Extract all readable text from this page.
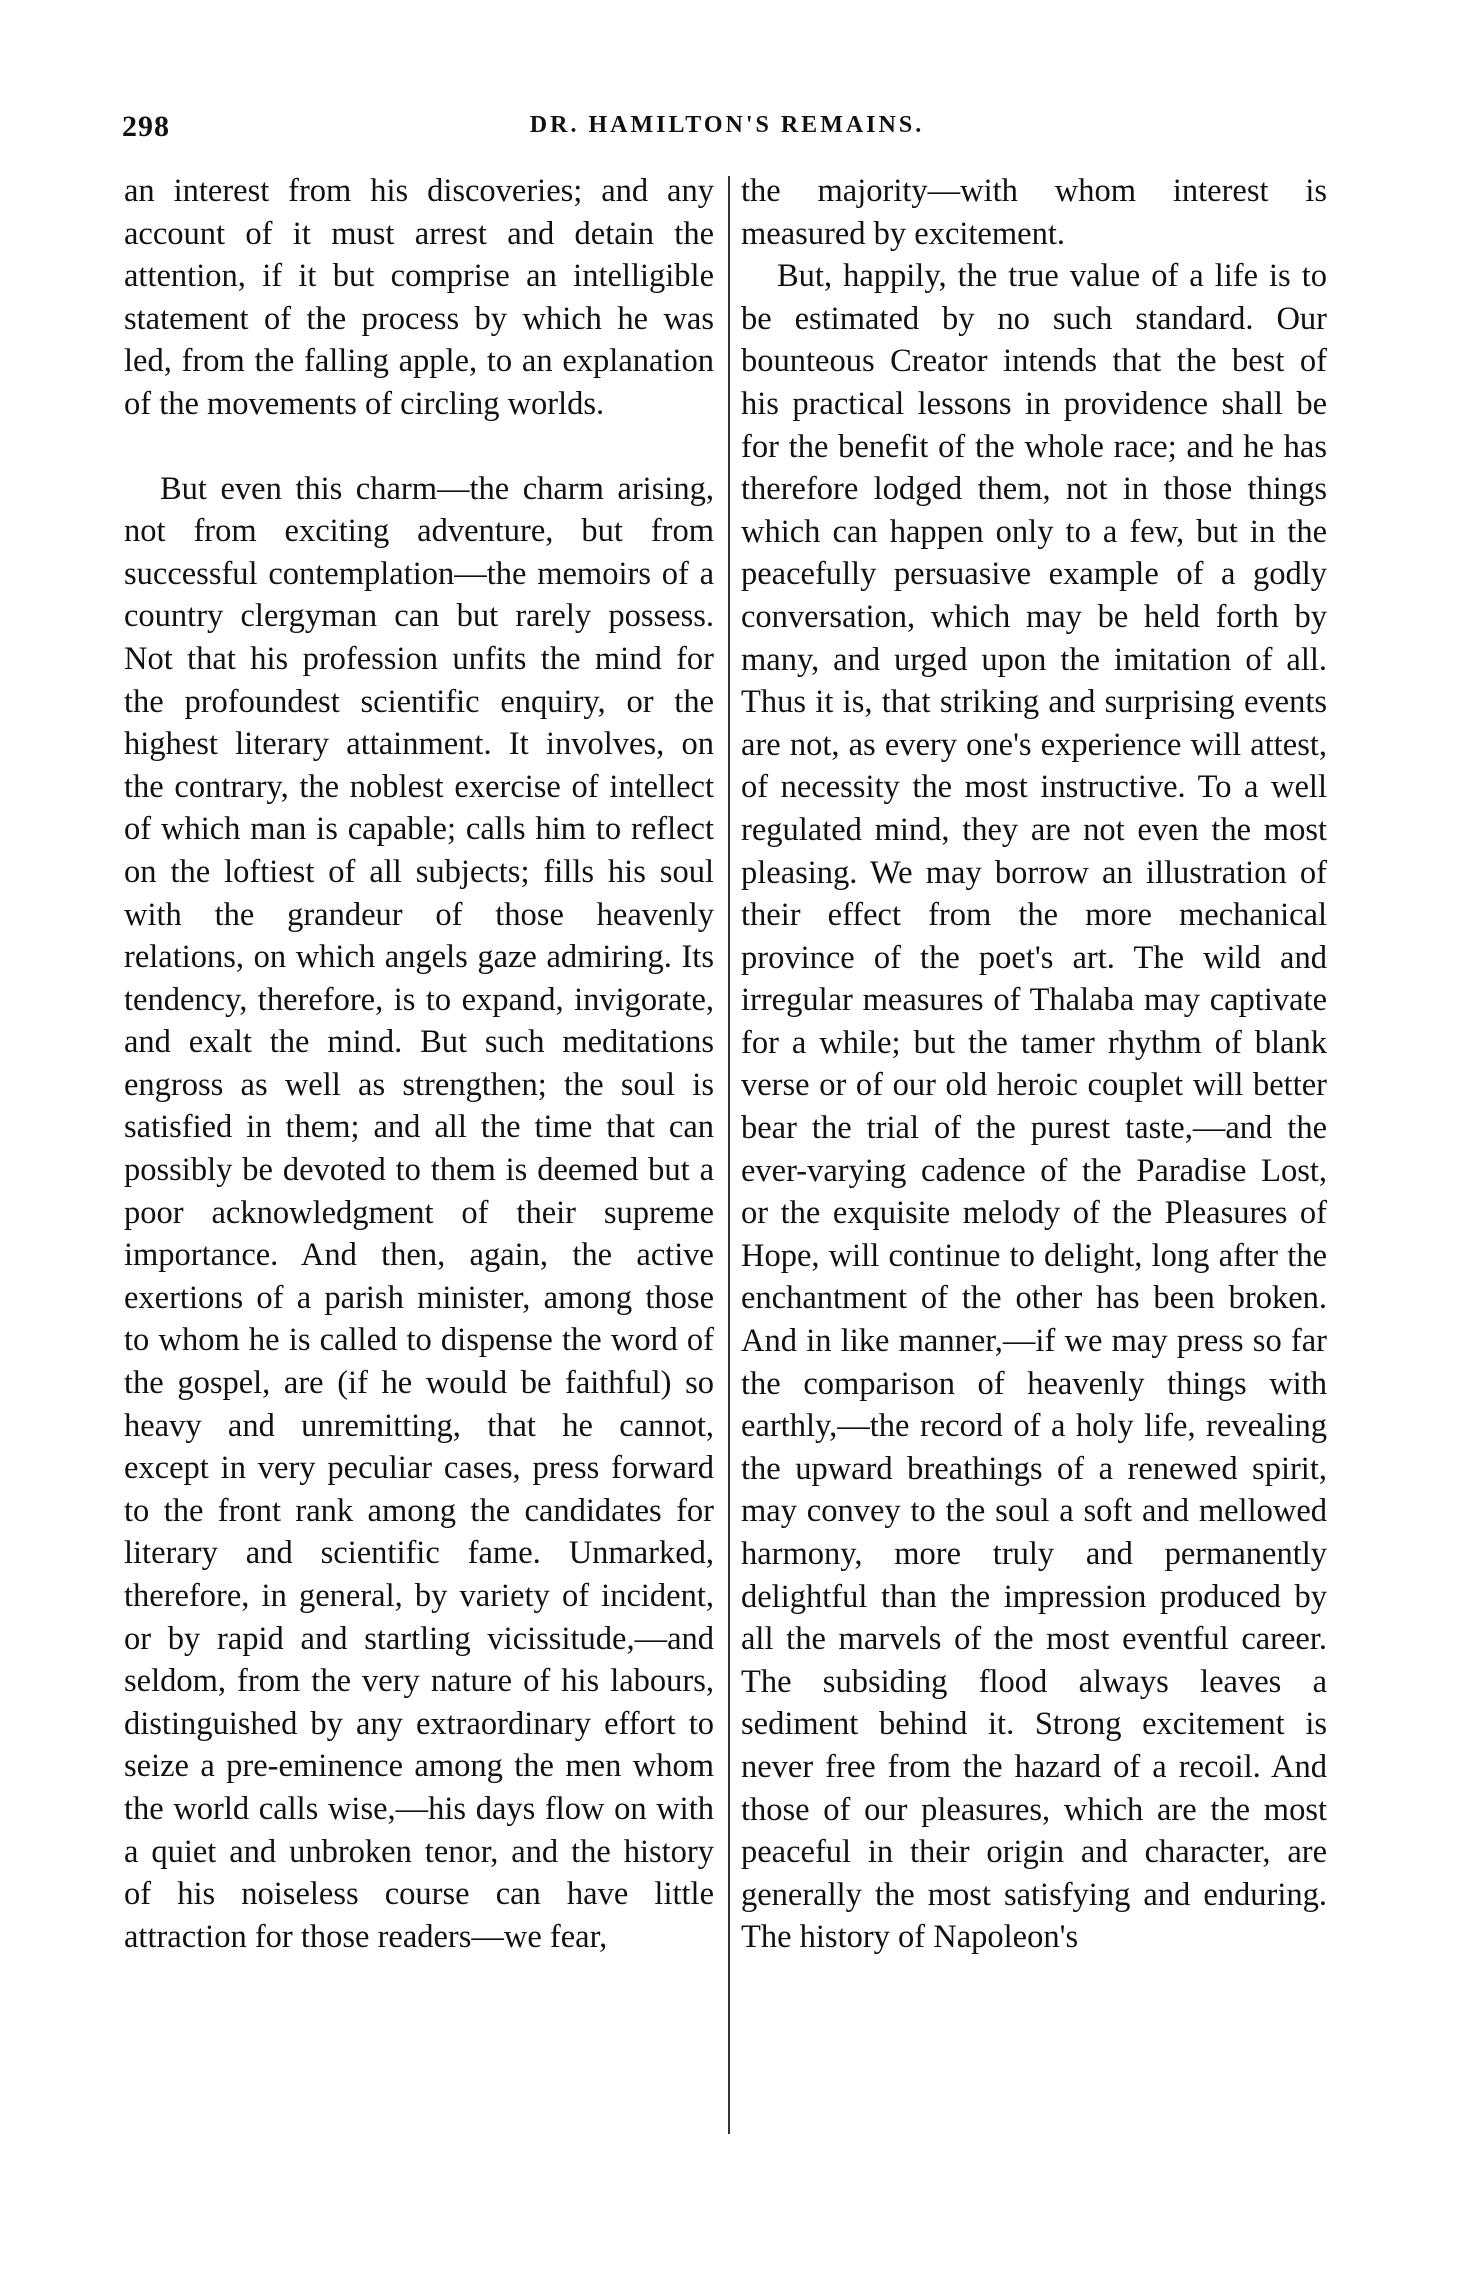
298	DR. HAMILTON'S REMAINS.

an interest from his discoveries; and any account of it must arrest and detain the attention, if it but comprise an intelligible statement of the process by which he was led, from the falling apple, to an explanation of the movements of circling worlds.

But even this charm—the charm arising, not from exciting adventure, but from successful contemplation—the memoirs of a country clergyman can but rarely possess. Not that his profession unfits the mind for the profoundest scientific enquiry, or the highest literary attainment. It involves, on the contrary, the noblest exercise of intellect of which man is capable; calls him to reflect on the loftiest of all subjects; fills his soul with the grandeur of those heavenly relations, on which angels gaze admiring. Its tendency, therefore, is to expand, invigorate, and exalt the mind. But such meditations engross as well as strengthen; the soul is satisfied in them; and all the time that can possibly be devoted to them is deemed but a poor acknowledgment of their supreme importance. And then, again, the active exertions of a parish minister, among those to whom he is called to dispense the word of the gospel, are (if he would be faithful) so heavy and unremitting, that he cannot, except in very peculiar cases, press forward to the front rank among the candidates for literary and scientific fame. Unmarked, therefore, in general, by variety of incident, or by rapid and startling vicissitude,—and seldom, from the very nature of his labours, distinguished by any extraordinary effort to seize a pre-eminence among the men whom the world calls wise,—his days flow on with a quiet and unbroken tenor, and the history of his noiseless course can have little attraction for those readers—we fear,

the majority—with whom interest is measured by excitement.

But, happily, the true value of a life is to be estimated by no such standard. Our bounteous Creator intends that the best of his practical lessons in providence shall be for the benefit of the whole race; and he has therefore lodged them, not in those things which can happen only to a few, but in the peacefully persuasive example of a godly conversation, which may be held forth by many, and urged upon the imitation of all. Thus it is, that striking and surprising events are not, as every one's experience will attest, of necessity the most instructive. To a well regulated mind, they are not even the most pleasing. We may borrow an illustration of their effect from the more mechanical province of the poet's art. The wild and irregular measures of Thalaba may captivate for a while; but the tamer rhythm of blank verse or of our old heroic couplet will better bear the trial of the purest taste,—and the ever-varying cadence of the Paradise Lost, or the exquisite melody of the Pleasures of Hope, will continue to delight, long after the enchantment of the other has been broken. And in like manner,—if we may press so far the comparison of heavenly things with earthly,—the record of a holy life, revealing the upward breathings of a renewed spirit, may convey to the soul a soft and mellowed harmony, more truly and permanently delightful than the impression produced by all the marvels of the most eventful career. The subsiding flood always leaves a sediment behind it. Strong excitement is never free from the hazard of a recoil. And those of our pleasures, which are the most peaceful in their origin and character, are generally the most satisfying and enduring. The history of Napoleon's
